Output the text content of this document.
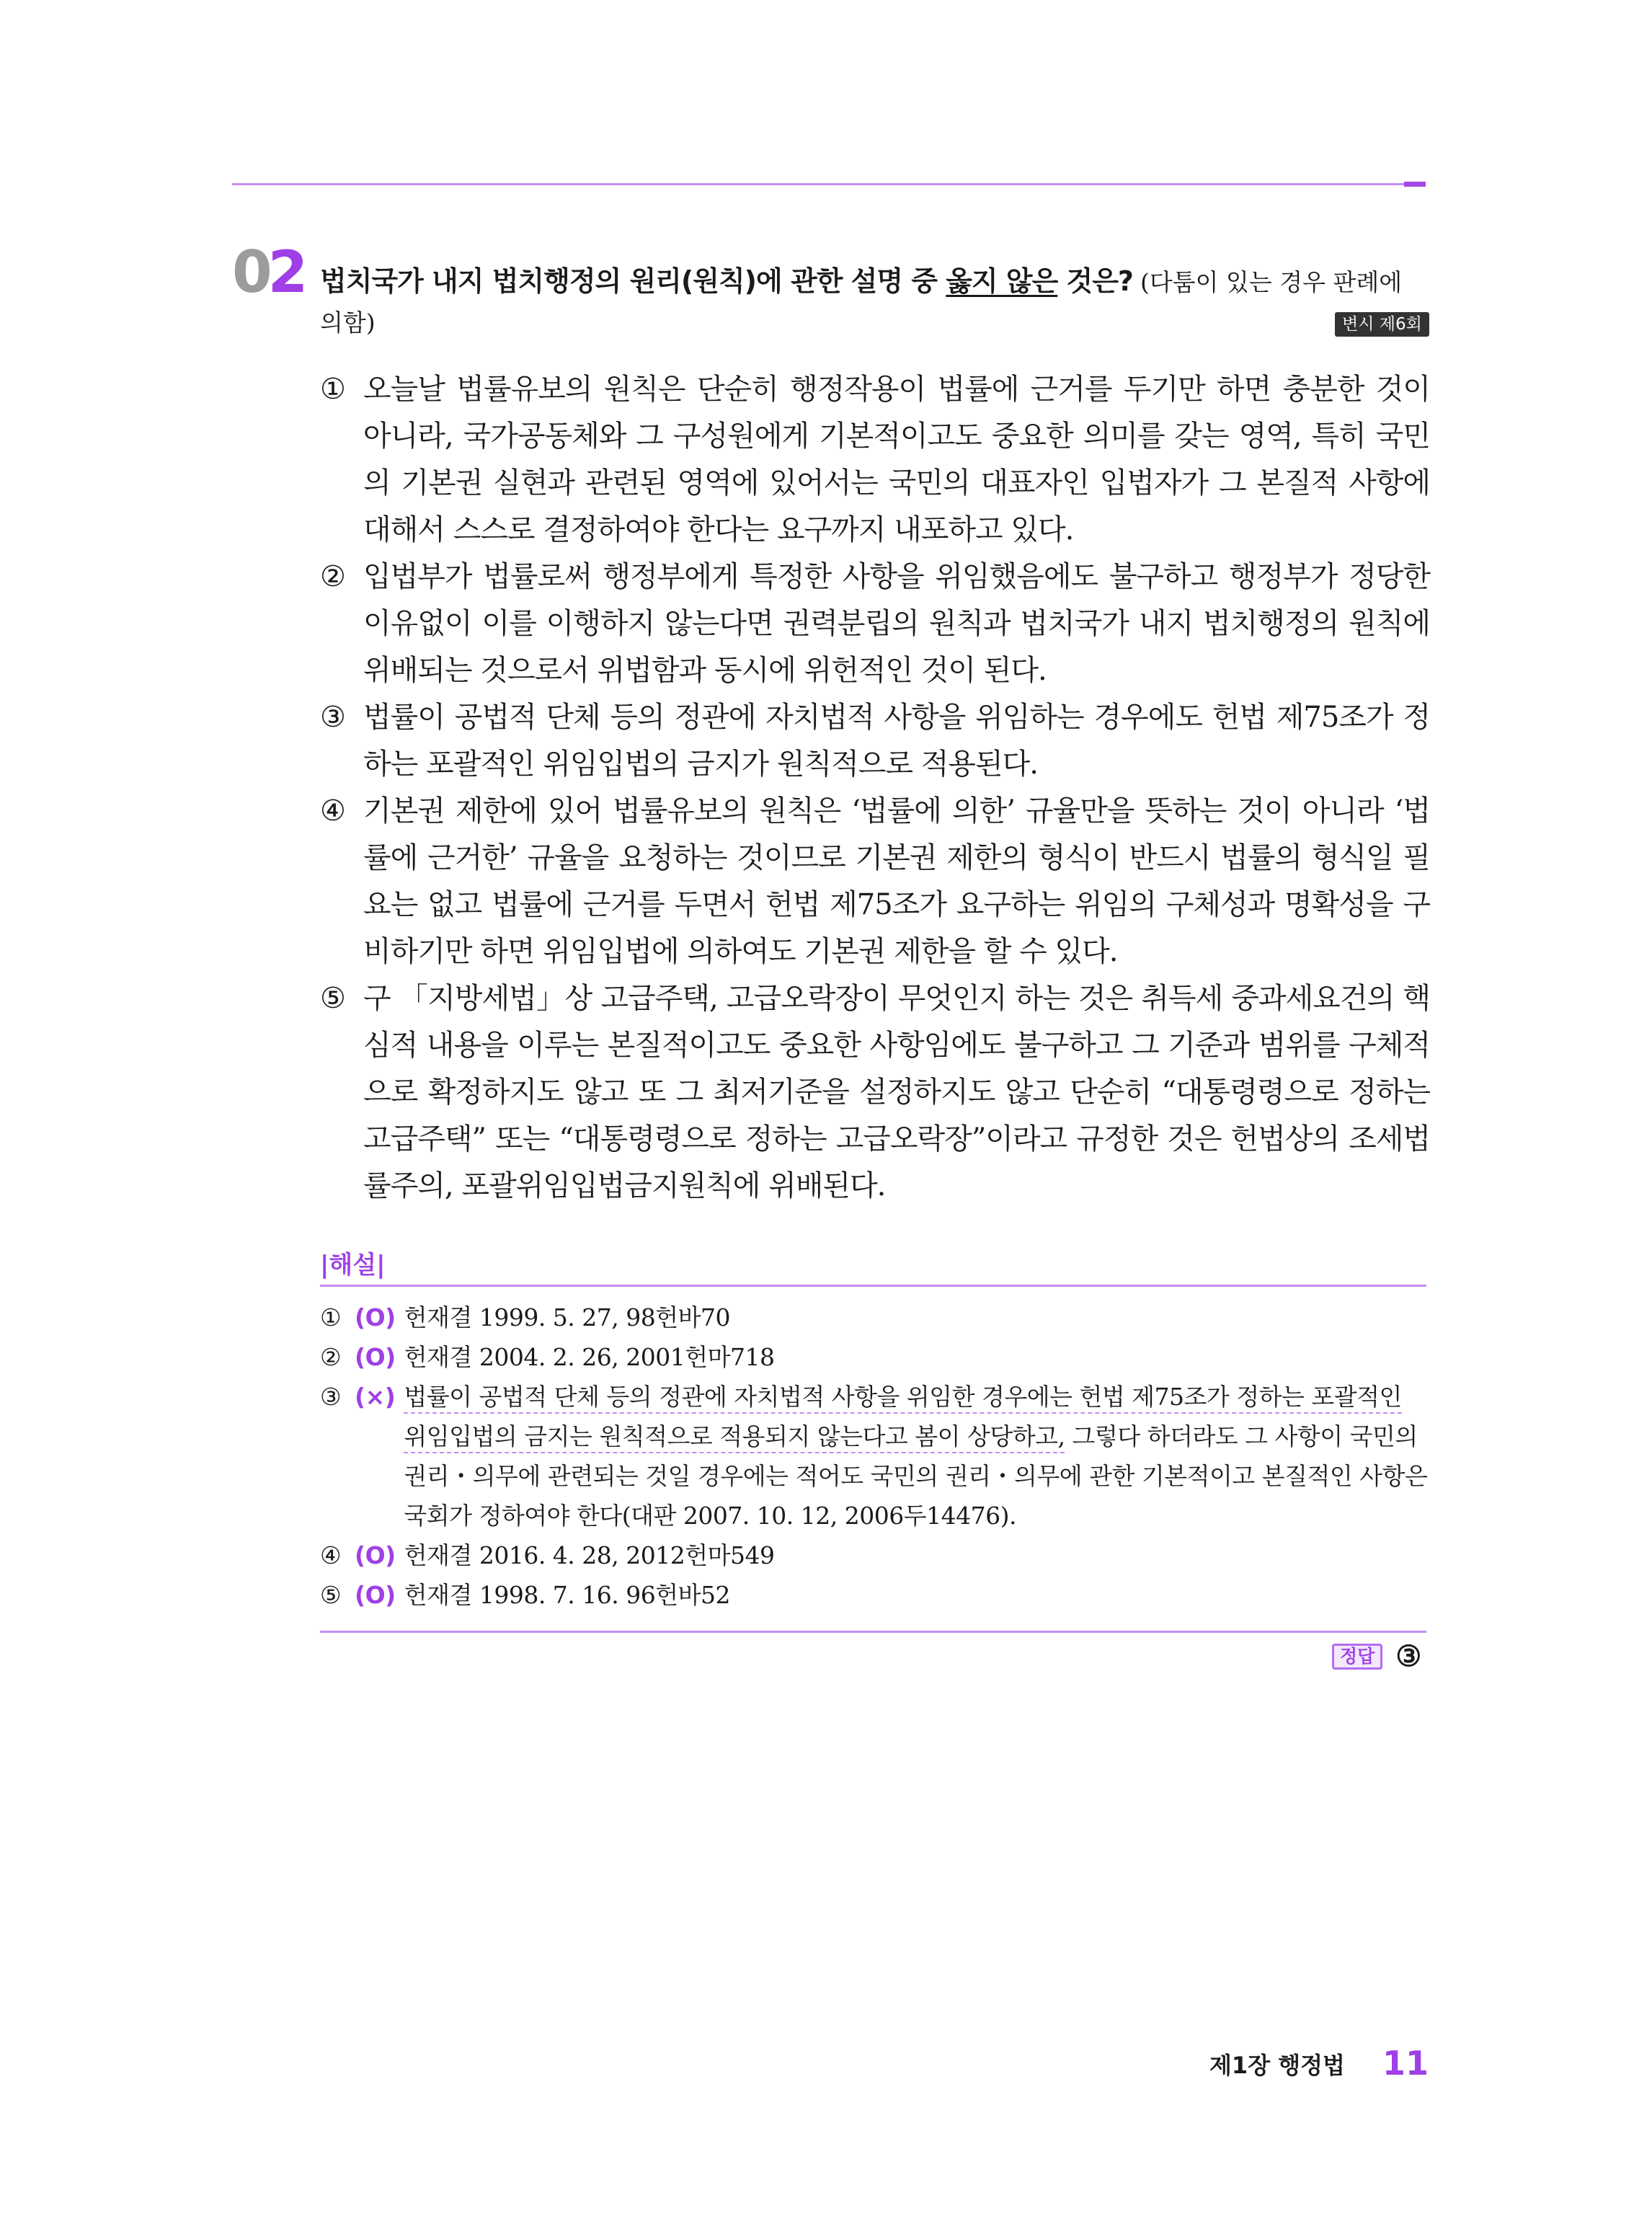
02 법치국가 내지 법치행정의 원리(원칙)에 관한 설명 중 옳지 않은 것은? (다툼이 있는 경우 판례에
의함)	변시 제6회
① 오늘날 법률유보의 원칙은 단순히 행정작용이 법률에 근거를 두기만 하면 충분한 것이 아니라, 국가공동체와 그 구성원에게 기본적이고도 중요한 의미를 갖는 영역, 특히 국민의 기본권 실현과 관련된 영역에 있어서는 국민의 대표자인 입법자가 그 본질적 사항에 대해서 스스로 결정하여야 한다는 요구까지 내포하고 있다.
② 입법부가 법률로써 행정부에게 특정한 사항을 위임했음에도 불구하고 행정부가 정당한 이유없이 이를 이행하지 않는다면 권력분립의 원칙과 법치국가 내지 법치행정의 원칙에 위배되는 것으로서 위법함과 동시에 위헌적인 것이 된다.
③ 법률이 공법적 단체 등의 정관에 자치법적 사항을 위임하는 경우에도 헌법 제75조가 정하는 포괄적인 위임입법의 금지가 원칙적으로 적용된다.
④ 기본권 제한에 있어 법률유보의 원칙은 ‘법률에 의한’ 규율만을 뜻하는 것이 아니라 ‘법률에 근거한’ 규율을 요청하는 것이므로 기본권 제한의 형식이 반드시 법률의 형식일 필요는 없고 법률에 근거를 두면서 헌법 제75조가 요구하는 위임의 구체성과 명확성을 구비하기만 하면 위임입법에 의하여도 기본권 제한을 할 수 있다.
⑤ 구 「지방세법」상 고급주택, 고급오락장이 무엇인지 하는 것은 취득세 중과세요건의 핵심적 내용을 이루는 본질적이고도 중요한 사항임에도 불구하고 그 기준과 범위를 구체적으로 확정하지도 않고 또 그 최저기준을 설정하지도 않고 단순히 “대통령령으로 정하는 고급주택” 또는 “대통령령으로 정하는 고급오락장”이라고 규정한 것은 헌법상의 조세법률주의, 포괄위임입법금지원칙에 위배된다.
|해설|
① (O) 헌재결 1999. 5. 27, 98헌바70
② (O) 헌재결 2004. 2. 26, 2001헌마718
③ (×) 법률이 공법적 단체 등의 정관에 자치법적 사항을 위임한 경우에는 헌법 제75조가 정하는 포괄적인 위임입법의 금지는 원칙적으로 적용되지 않는다고 봄이 상당하고, 그렇다 하더라도 그 사항이 국민의 권리・의무에 관련되는 것일 경우에는 적어도 국민의 권리・의무에 관한 기본적이고 본질적인 사항은 국회가 정하여야 한다(대판 2007. 10. 12, 2006두14476).
④ (O) 헌재결 2016. 4. 28, 2012헌마549
⑤ (O) 헌재결 1998. 7. 16. 96헌바52
정답 ③
제1장 행정법 11
